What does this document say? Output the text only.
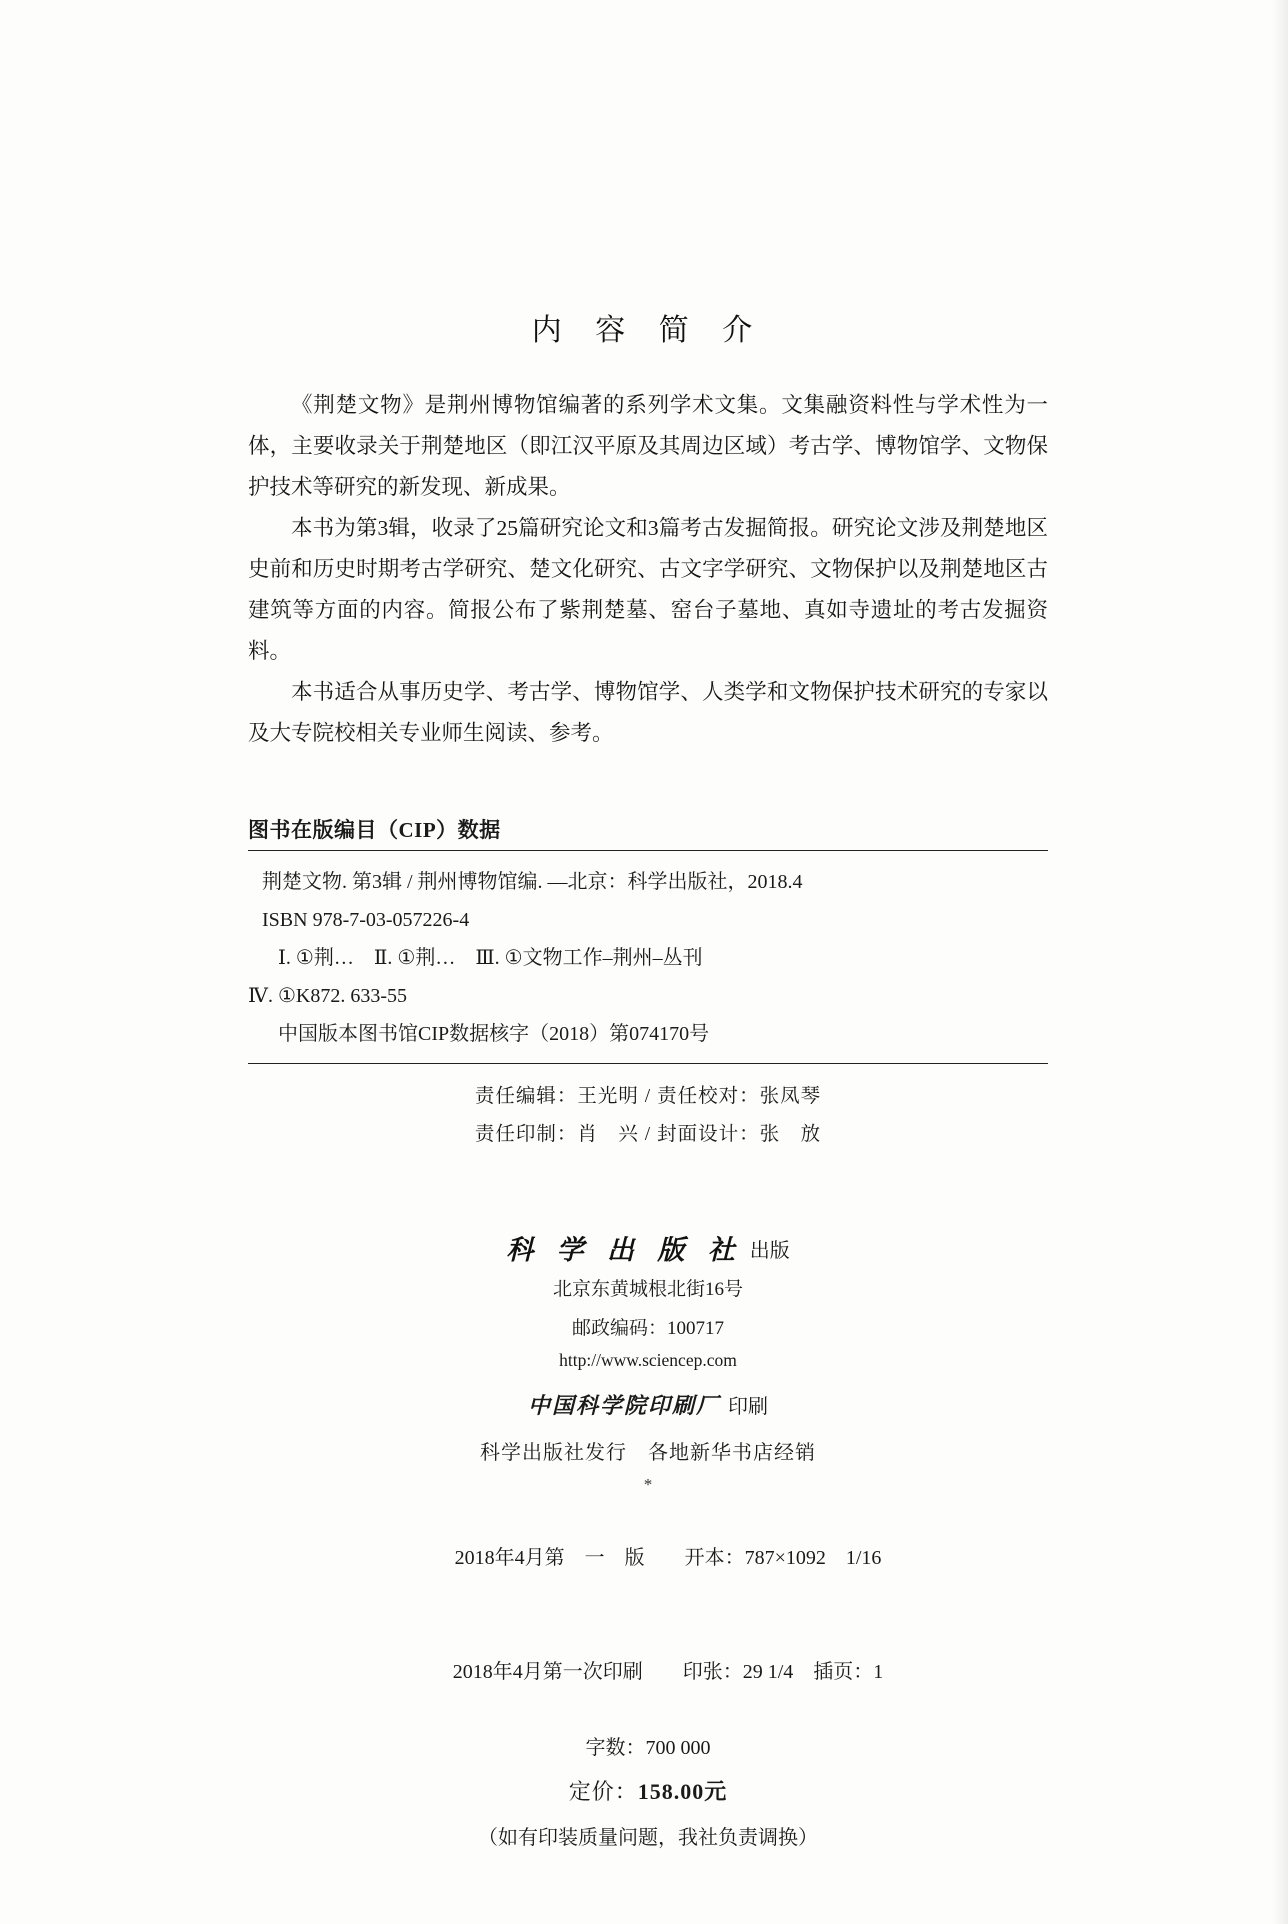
内 容 简 介

《荆楚文物》是荆州博物馆编著的系列学术文集。文集融资料性与学术性为一体，主要收录关于荆楚地区（即江汉平原及其周边区域）考古学、博物馆学、文物保护技术等研究的新发现、新成果。

本书为第3辑，收录了25篇研究论文和3篇考古发掘简报。研究论文涉及荆楚地区史前和历史时期考古学研究、楚文化研究、古文字学研究、文物保护以及荆楚地区古建筑等方面的内容。简报公布了紫荆楚墓、窑台子墓地、真如寺遗址的考古发掘资料。

本书适合从事历史学、考古学、博物馆学、人类学和文物保护技术研究的专家以及大专院校相关专业师生阅读、参考。

图书在版编目（CIP）数据
荆楚文物. 第3辑 / 荆州博物馆编. —北京：科学出版社，2018.4
ISBN 978-7-03-057226-4
Ⅰ. ①荆…　Ⅱ. ①荆…　Ⅲ. ①文物工作–荆州–丛刊
Ⅳ. ①K872. 633-55
中国版本图书馆CIP数据核字（2018）第074170号
责任编辑：王光明 / 责任校对：张凤琴
责任印制：肖　兴 / 封面设计：张　放
科 学 出 版 社 出版
北京东黄城根北街16号
邮政编码：100717
http://www.sciencep.com
中国科学院印刷厂 印刷
科学出版社发行　各地新华书店经销
*

2018年4月第　一　版　　 开本：787×1092　1/16

2018年4月第一次印刷　　 印张：29 1/4　插页：1

字数：700 000
定价：158.00元
（如有印装质量问题，我社负责调换）
